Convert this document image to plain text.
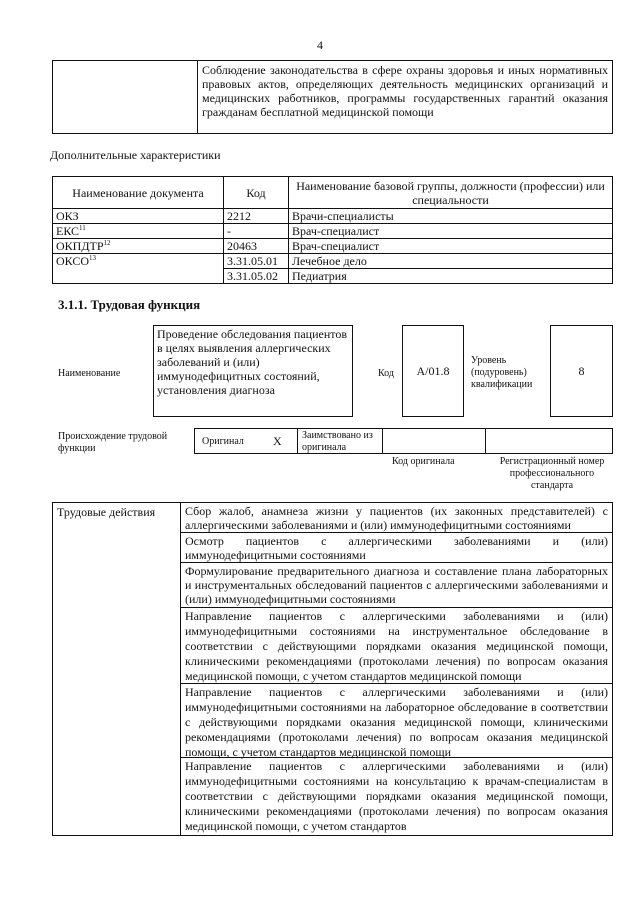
4
Соблюдение законодательства в сфере охраны здоровья и иных нормативных правовых актов, определяющих деятельность медицинских организаций и медицинских работников, программы государственных гарантий оказания гражданам бесплатной медицинской помощи
Дополнительные характеристики
Наименование документа	Код	Наименование базовой группы, должности (профессии) или специальности
ОКЗ	2212	Врачи-специалисты
ЕКС$^{11}$	-	Врач-специалист
ОКПДТР$^{12}$	20463	Врач-специалист
ОКСО$^{13}$	3.31.05.01	Лечебное дело
	3.31.05.02	Педиатрия
3.1.1. Трудовая функция
Наименование
Проведение обследования пациентов в целях выявления аллергических заболеваний и (или) иммунодефицитных состояний, установления диагноза
Код A/01.8
Уровень (подуровень) квалификации
8
Происхождение трудовой функции
Оригинал X	Заимствовано из оригинала
Код оригинала	Регистрационный номер профессионального стандарта
Трудовые действия	Сбор жалоб, анамнеза жизни у пациентов (их законных представителей) с аллергическими заболеваниями и (или) иммунодефицитными состояниями
Осмотр пациентов с аллергическими заболеваниями и (или) иммунодефицитными состояниями
Формулирование предварительного диагноза и составление плана лабораторных и инструментальных обследований пациентов с аллергическими заболеваниями и (или) иммунодефицитными состояниями
Направление пациентов с аллергическими заболеваниями и (или) иммунодефицитными состояниями на инструментальное обследование в соответствии с действующими порядками оказания медицинской помощи, клиническими рекомендациями (протоколами лечения) по вопросам оказания медицинской помощи, с учетом стандартов медицинской помощи
Направление пациентов с аллергическими заболеваниями и (или) иммунодефицитными состояниями на лабораторное обследование в соответствии с действующими порядками оказания медицинской помощи, клиническими рекомендациями (протоколами лечения) по вопросам оказания медицинской помощи, с учетом стандартов медицинской помощи
Направление пациентов с аллергическими заболеваниями и (или) иммунодефицитными состояниями на консультацию к врачам-специалистам в соответствии с действующими порядками оказания медицинской помощи, клиническими рекомендациями (протоколами лечения) по вопросам оказания медицинской помощи, с учетом стандартов
